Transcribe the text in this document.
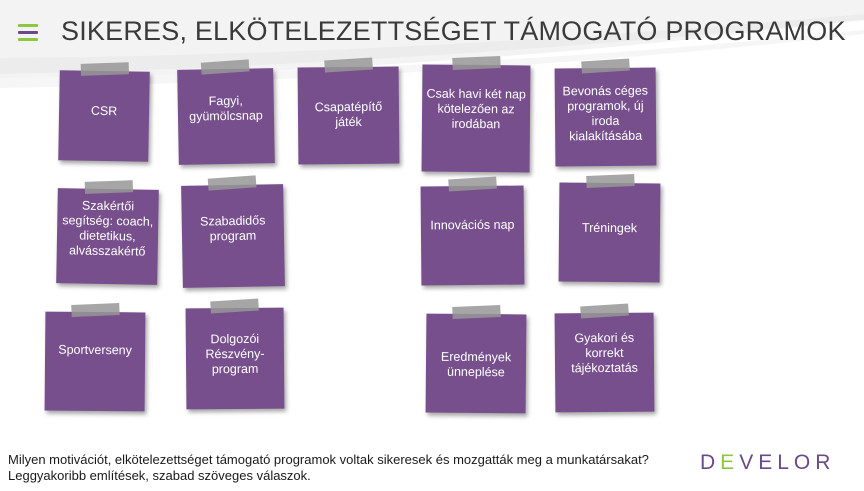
SIKERES, ELKÖTELEZETTSÉGET TÁMOGATÓ PROGRAMOK
CSR
Fagyi, gyümölcsnap
Csapatépítő játék
Csak havi két nap kötelezően az irodában
Bevonás céges programok, új iroda kialakításába
Szakértői segítség: coach, dietetikus, alvásszakértő
Szabadidős program
Innovációs nap	Tréningek
Sportverseny
Dolgozói Részvény-program
Eredmények ünneplése
Gyakori és korrekt tájékoztatás

Milyen motivációt, elkötelezettséget támogató programok voltak sikeresek és mozgatták meg a munkatársakat? Leggyakoribb említések, szabad szöveges válaszok.

DEVELOR
